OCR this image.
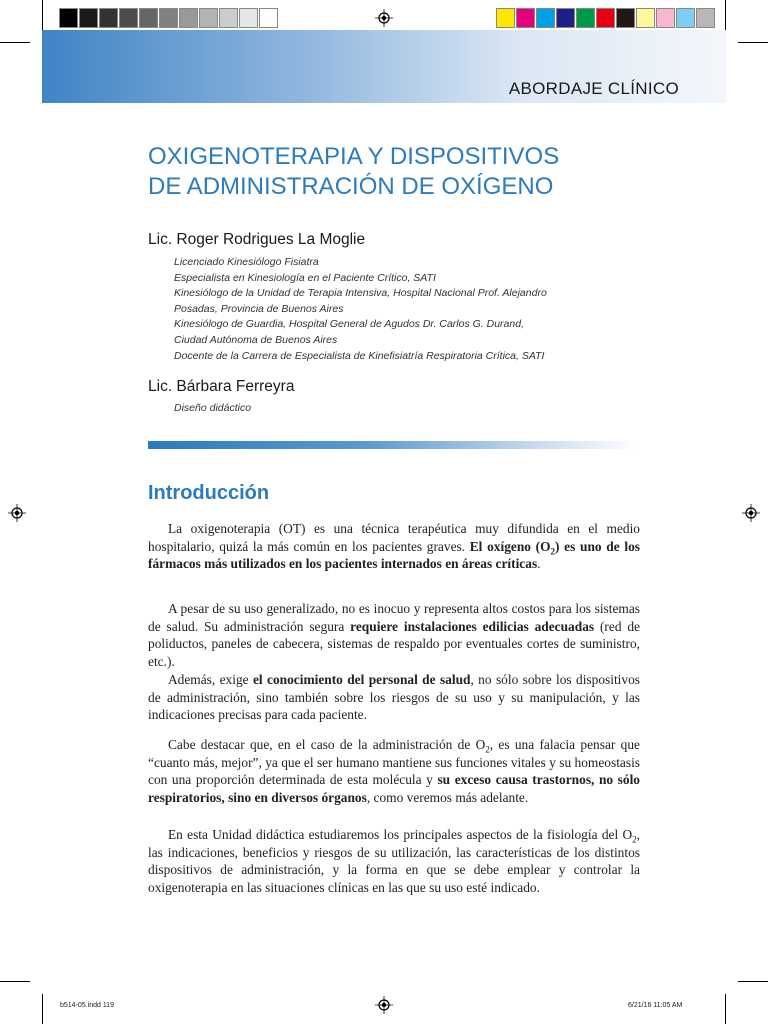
ABORDAJE CLÍNICO
OXIGENOTERAPIA Y DISPOSITIVOS
DE ADMINISTRACIÓN DE OXÍGENO
Lic. Roger Rodrigues La Moglie
Licenciado Kinesiólogo Fisiatra
Especialista en Kinesiología en el Paciente Crítico, SATI
Kinesiólogo de la Unidad de Terapia Intensiva, Hospital Nacional Prof. Alejandro
Posadas, Provincia de Buenos Aires
Kinesiólogo de Guardia, Hospital General de Agudos Dr. Carlos G. Durand,
Ciudad Autónoma de Buenos Aires
Docente de la Carrera de Especialista de Kinefisiatría Respiratoria Crítica, SATI
Lic. Bárbara Ferreyra
Diseño didáctico
Introducción

La oxigenoterapia (OT) es una técnica terapéutica muy difundida en el medio hospitalario, quizá la más común en los pacientes graves. El oxígeno $(O_2)$ es uno de los fármacos más utilizados en los pacientes internados en áreas críticas.

A pesar de su uso generalizado, no es inocuo y representa altos costos para los sistemas de salud. Su administración segura requiere instalaciones edilicias adecuadas (red de poliductos, paneles de cabecera, sistemas de respaldo por eventuales cortes de suministro, etc.).

Además, exige el conocimiento del personal de salud, no sólo sobre los dispositivos de administración, sino también sobre los riesgos de su uso y su manipulación, y las indicaciones precisas para cada paciente.

Cabe destacar que, en el caso de la administración de $O_2$, es una falacia pensar que “cuanto más, mejor”, ya que el ser humano mantiene sus funciones vitales y su homeostasis con una proporción determinada de esta molécula y su exceso causa trastornos, no sólo respiratorios, sino en diversos órganos, como veremos más adelante.

En esta Unidad didáctica estudiaremos los principales aspectos de la fisiología del $O_2$, las indicaciones, beneficios y riesgos de su utilización, las características de los distintos dispositivos de administración, y la forma en que se debe emplear y controlar la oxigenoterapia en las situaciones clínicas en las que su uso esté indicado.

b514-05.indd 119	6/21/16 11:05 AM
